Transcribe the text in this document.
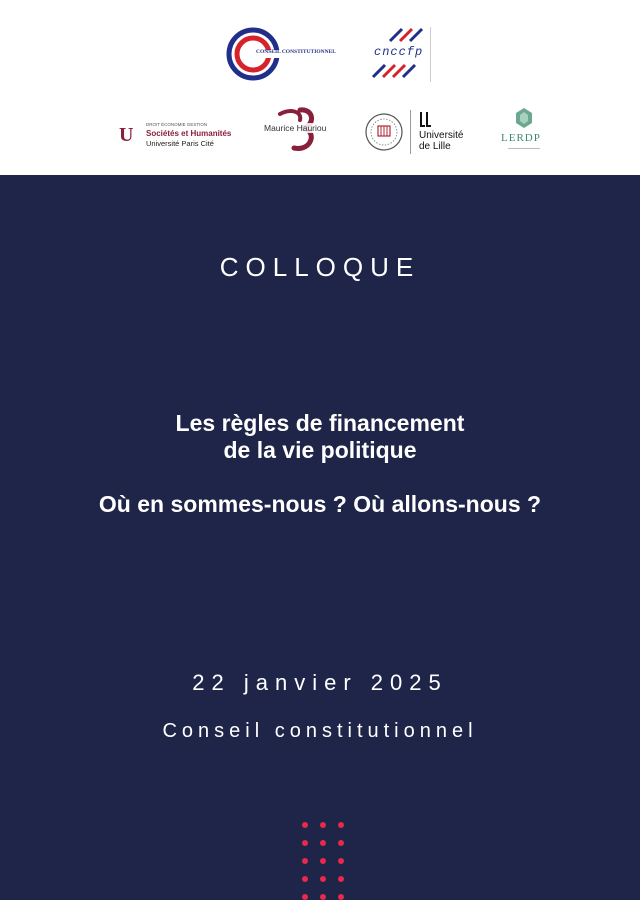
CONSEIL CONSTITUTIONNEL	cnccfp
U	DROIT ÉCONOMIE GESTION
Sociétés et Humanités
Université Paris Cité
Maurice Hauriou
Université
de Lille
LERDP
COLLOQUE
Les règles de financement
de la vie politique
Où en sommes-nous ? Où allons-nous ?
22 janvier 2025
Conseil constitutionnel
